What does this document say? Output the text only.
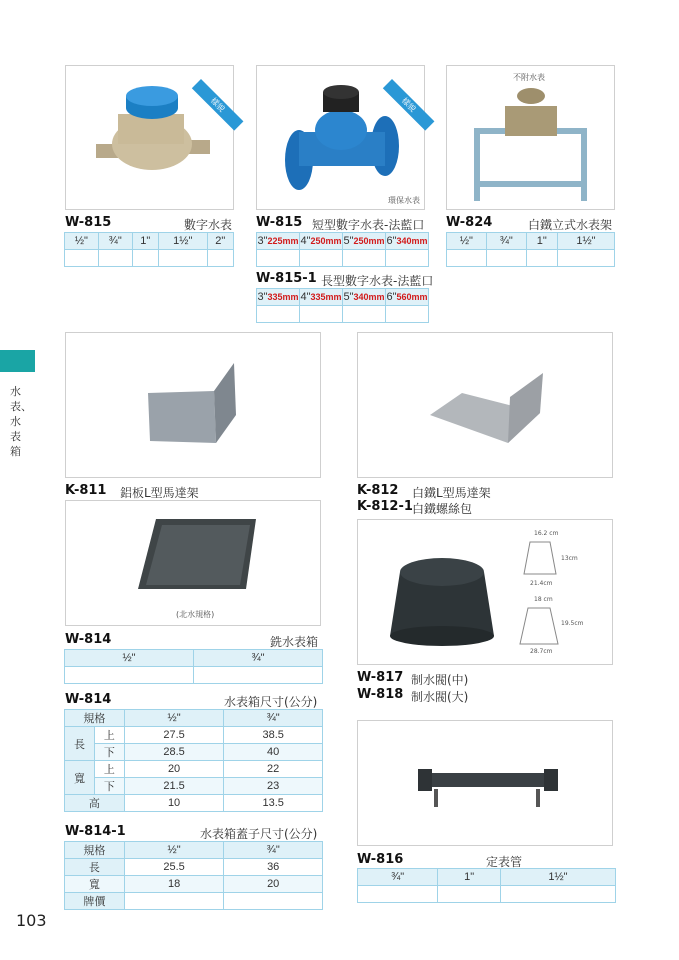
水表、水表箱
樣貌
W-815	數字水表
½"	¾"	1"	1½"	2"

樣貌
環保水表
W-815 短型數字水表-法藍口
3"225mm	4"250mm	5"250mm	6"340mm

W-815-1 長型數字水表-法藍口
3"335mm	4"335mm	5"340mm	6"560mm

不附水表
W-824	白鐵立式水表架
½"	¾"	1"	1½"

K-811 鋁板L型馬達架	K-812 白鐵L型馬達架
K-812-1 白鐵螺絲包
(北水規格)
W-814	銑水表箱
½"	¾"

W-814	水表箱尺寸(公分)
規格		½"	¾"
長	上	27.5	38.5
	下	28.5	40
寬	上	20	22
	下	21.5	23
高		10	13.5
W-814-1	水表箱蓋子尺寸(公分)
規格	½"	¾"
長	25.5	36
寬	18	20
牌價		
16.2 cm
13cm
21.4cm
18 cm
19.5cm
28.7cm
W-817 制水閥(中)
W-818 制水閥(大)
W-816	定表管
¾"	1"	1½"

103
